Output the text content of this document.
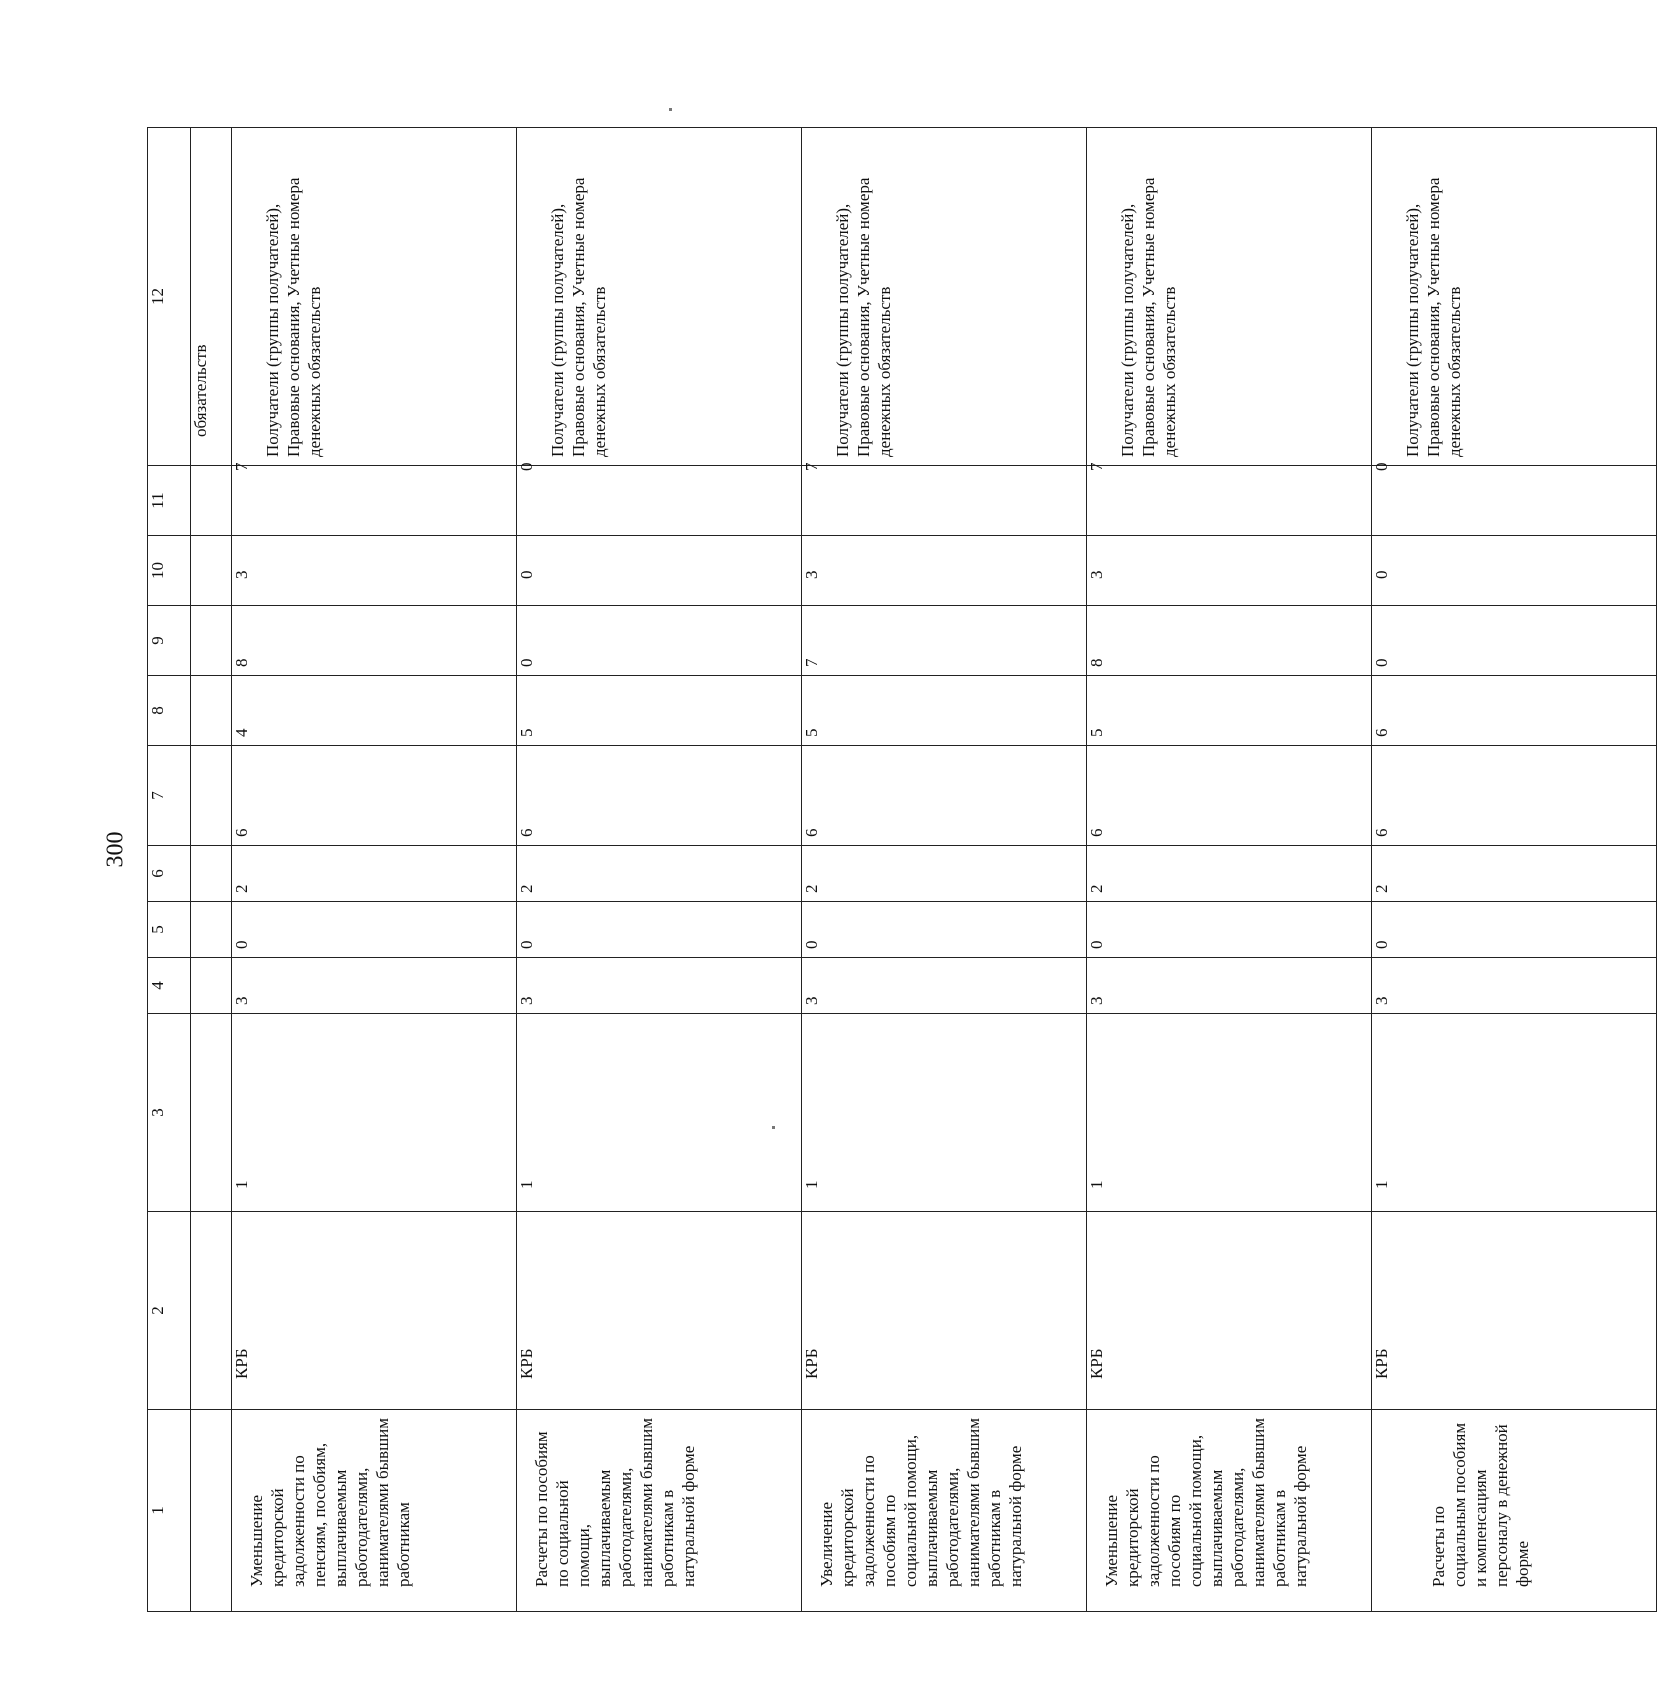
300
1	2	3	4	5	6	7	8	9	10	11	12
											обязательств
Уменьшение кредиторской задолженности по пенсиям, пособиям, выплачиваемым работодателями, нанимателями бывшим работникам	КРБ	1	3	0	2	6	4	8	3	7	Получатели (группы получателей), Правовые основания, Учетные номера денежных обязательств
Расчеты по пособиям по социальной помощи, выплачиваемым работодателями, нанимателями бывшим работникам в натуральной форме	КРБ	1	3	0	2	6	5	0	0	0	Получатели (группы получателей), Правовые основания, Учетные номера денежных обязательств
Увеличение кредиторской задолженности по пособиям по социальной помощи, выплачиваемым работодателями, нанимателями бывшим работникам в натуральной форме	КРБ	1	3	0	2	6	5	7	3	7	Получатели (группы получателей), Правовые основания, Учетные номера денежных обязательств
Уменьшение кредиторской задолженности по пособиям по социальной помощи, выплачиваемым работодателями, нанимателями бывшим работникам в натуральной форме	КРБ	1	3	0	2	6	5	8	3	7	Получатели (группы получателей), Правовые основания, Учетные номера денежных обязательств
Расчеты по социальным пособиям и компенсациям персоналу в денежной форме	КРБ	1	3	0	2	6	6	0	0	0	Получатели (группы получателей), Правовые основания, Учетные номера денежных обязательств
